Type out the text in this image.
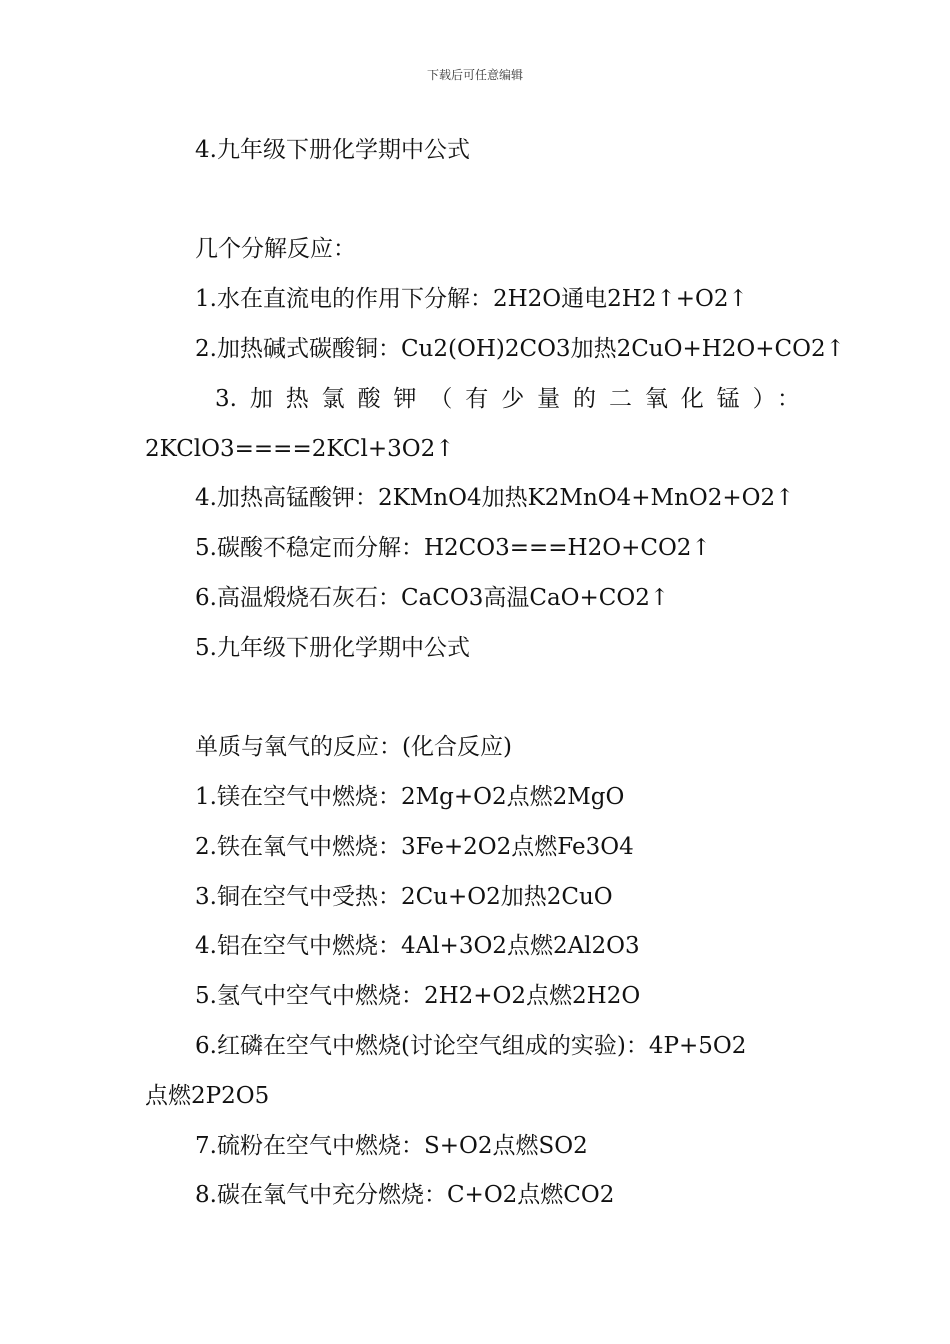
下载后可任意编辑
4.九年级下册化学期中公式
几个分解反应：
1.水在直流电的作用下分解：2H2O通电2H2↑+O2↑
2.加热碱式碳酸铜：Cu2(OH)2CO3加热2CuO+H2O+CO2↑
3.加热氯酸钾（有少量的二氧化锰）：
2KClO3====2KCl+3O2↑
4.加热高锰酸钾：2KMnO4加热K2MnO4+MnO2+O2↑
5.碳酸不稳定而分解：H2CO3===H2O+CO2↑
6.高温煅烧石灰石：CaCO3高温CaO+CO2↑
5.九年级下册化学期中公式
单质与氧气的反应：(化合反应)
1.镁在空气中燃烧：2Mg+O2点燃2MgO
2.铁在氧气中燃烧：3Fe+2O2点燃Fe3O4
3.铜在空气中受热：2Cu+O2加热2CuO
4.铝在空气中燃烧：4Al+3O2点燃2Al2O3
5.氢气中空气中燃烧：2H2+O2点燃2H2O
6.红磷在空气中燃烧(讨论空气组成的实验)：4P+5O2
点燃2P2O5
7.硫粉在空气中燃烧：S+O2点燃SO2
8.碳在氧气中充分燃烧：C+O2点燃CO2
